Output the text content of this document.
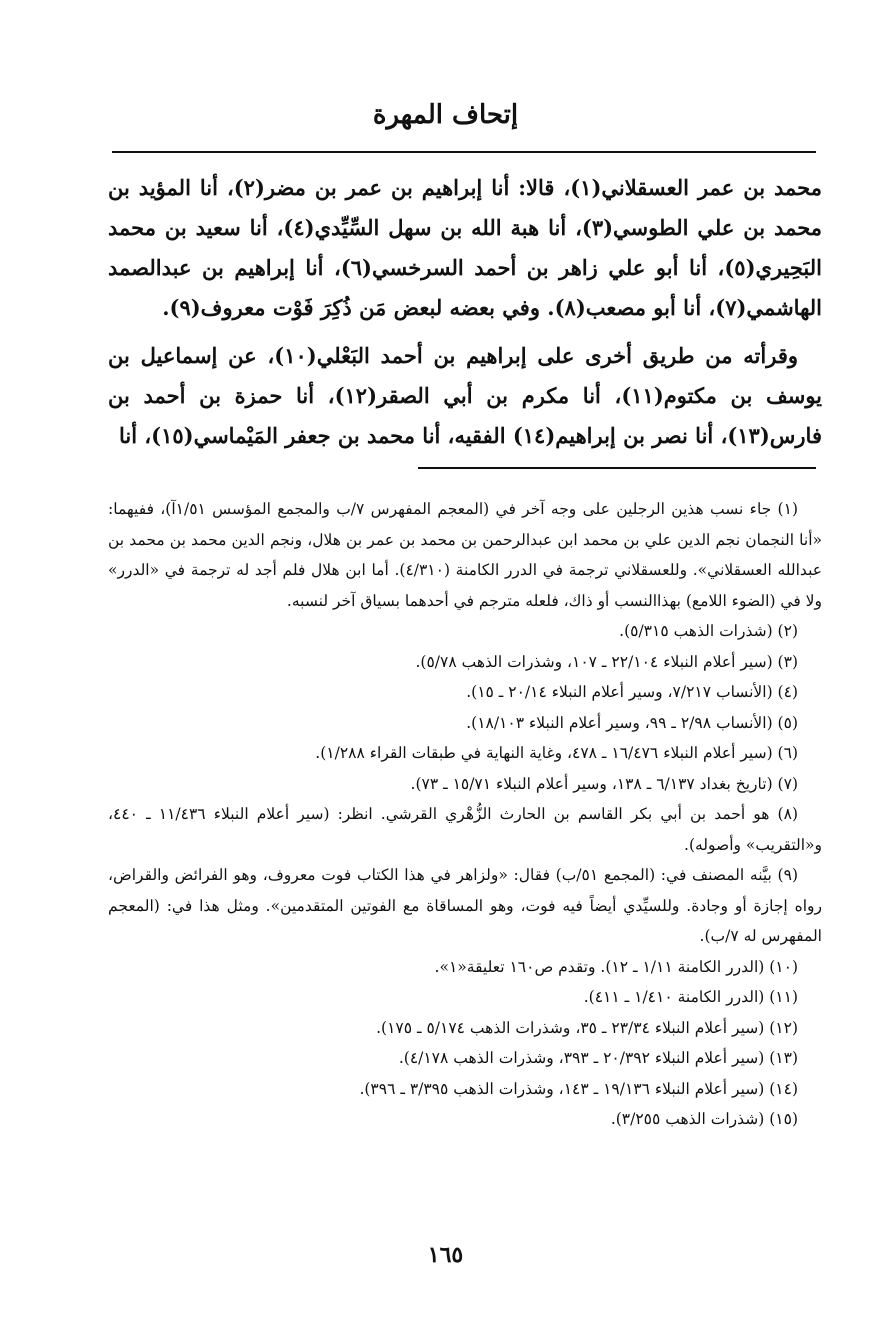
إتحاف المهرة

محمد بن عمر العسقلاني(١)، قالا: أنا إبراهيم بن عمر بن مضر(٢)، أنا المؤيد بن محمد بن علي الطوسي(٣)، أنا هبة الله بن سهل السِّيِّدي(٤)، أنا سعيد بن محمد البَحِيري(٥)، أنا أبو علي زاهر بن أحمد السرخسي(٦)، أنا إبراهيم بن عبدالصمد الهاشمي(٧)، أنا أبو مصعب(٨). وفي بعضه لبعض مَن ذُكِرَ فَوْت معروف(٩).

وقرأته من طريق أخرى على إبراهيم بن أحمد البَعْلي(١٠)، عن إسماعيل بن يوسف بن مكتوم(١١)، أنا مكرم بن أبي الصقر(١٢)، أنا حمزة بن أحمد بن فارس(١٣)، أنا نصر بن إبراهيم(١٤) الفقيه، أنا محمد بن جعفر المَيْماسي(١٥)، أنا

(١) جاء نسب هذين الرجلين على وجه آخر في (المعجم المفهرس ٧/ب والمجمع المؤسس ١/٥١آ)، ففيهما: «أنا النجمان نجم الدين علي بن محمد ابن عبدالرحمن بن محمد بن عمر بن هلال، ونجم الدين محمد بن محمد بن عبدالله العسقلاني». وللعسقلاني ترجمة في الدرر الكامنة (٤/٣١٠). أما ابن هلال فلم أجد له ترجمة في «الدرر» ولا في (الضوء اللامع) بهذاالنسب أو ذاك، فلعله مترجم في أحدهما بسياق آخر لنسبه.

(٢) (شذرات الذهب ٥/٣١٥).

(٣) (سير أعلام النبلاء ٢٢/١٠٤ ـ ١٠٧، وشذرات الذهب ٥/٧٨).

(٤) (الأنساب ٧/٢١٧، وسير أعلام النبلاء ٢٠/١٤ ـ ١٥).

(٥) (الأنساب ٢/٩٨ ـ ٩٩، وسير أعلام النبلاء ١٨/١٠٣).

(٦) (سير أعلام النبلاء ١٦/٤٧٦ ـ ٤٧٨، وغاية النهاية في طبقات القراء ١/٢٨٨).

(٧) (تاريخ بغداد ٦/١٣٧ ـ ١٣٨، وسير أعلام النبلاء ١٥/٧١ ـ ٧٣).

(٨) هو أحمد بن أبي بكر القاسم بن الحارث الزُّهْري القرشي. انظر: (سير أعلام النبلاء ١١/٤٣٦ ـ ٤٤٠، و«التقريب» وأصوله).

(٩) بيَّنه المصنف في: (المجمع ٥١/ب) فقال: «ولزاهر في هذا الكتاب فوت معروف، وهو الفرائض والقراض، رواه إجازة أو وجادة. وللسيِّدي أيضاً فيه فوت، وهو المساقاة مع الفوتين المتقدمين». ومثل هذا في: (المعجم المفهرس له ٧/ب).

(١٠) (الدرر الكامنة ١/١١ ـ ١٢). وتقدم ص١٦٠ تعليقة«١».

(١١) (الدرر الكامنة ١/٤١٠ ـ ٤١١).

(١٢) (سير أعلام النبلاء ٢٣/٣٤ ـ ٣٥، وشذرات الذهب ٥/١٧٤ ـ ١٧٥).

(١٣) (سير أعلام النبلاء ٢٠/٣٩٢ ـ ٣٩٣، وشذرات الذهب ٤/١٧٨).

(١٤) (سير أعلام النبلاء ١٩/١٣٦ ـ ١٤٣، وشذرات الذهب ٣/٣٩٥ ـ ٣٩٦).

(١٥) (شذرات الذهب ٣/٢٥٥).

١٦٥
